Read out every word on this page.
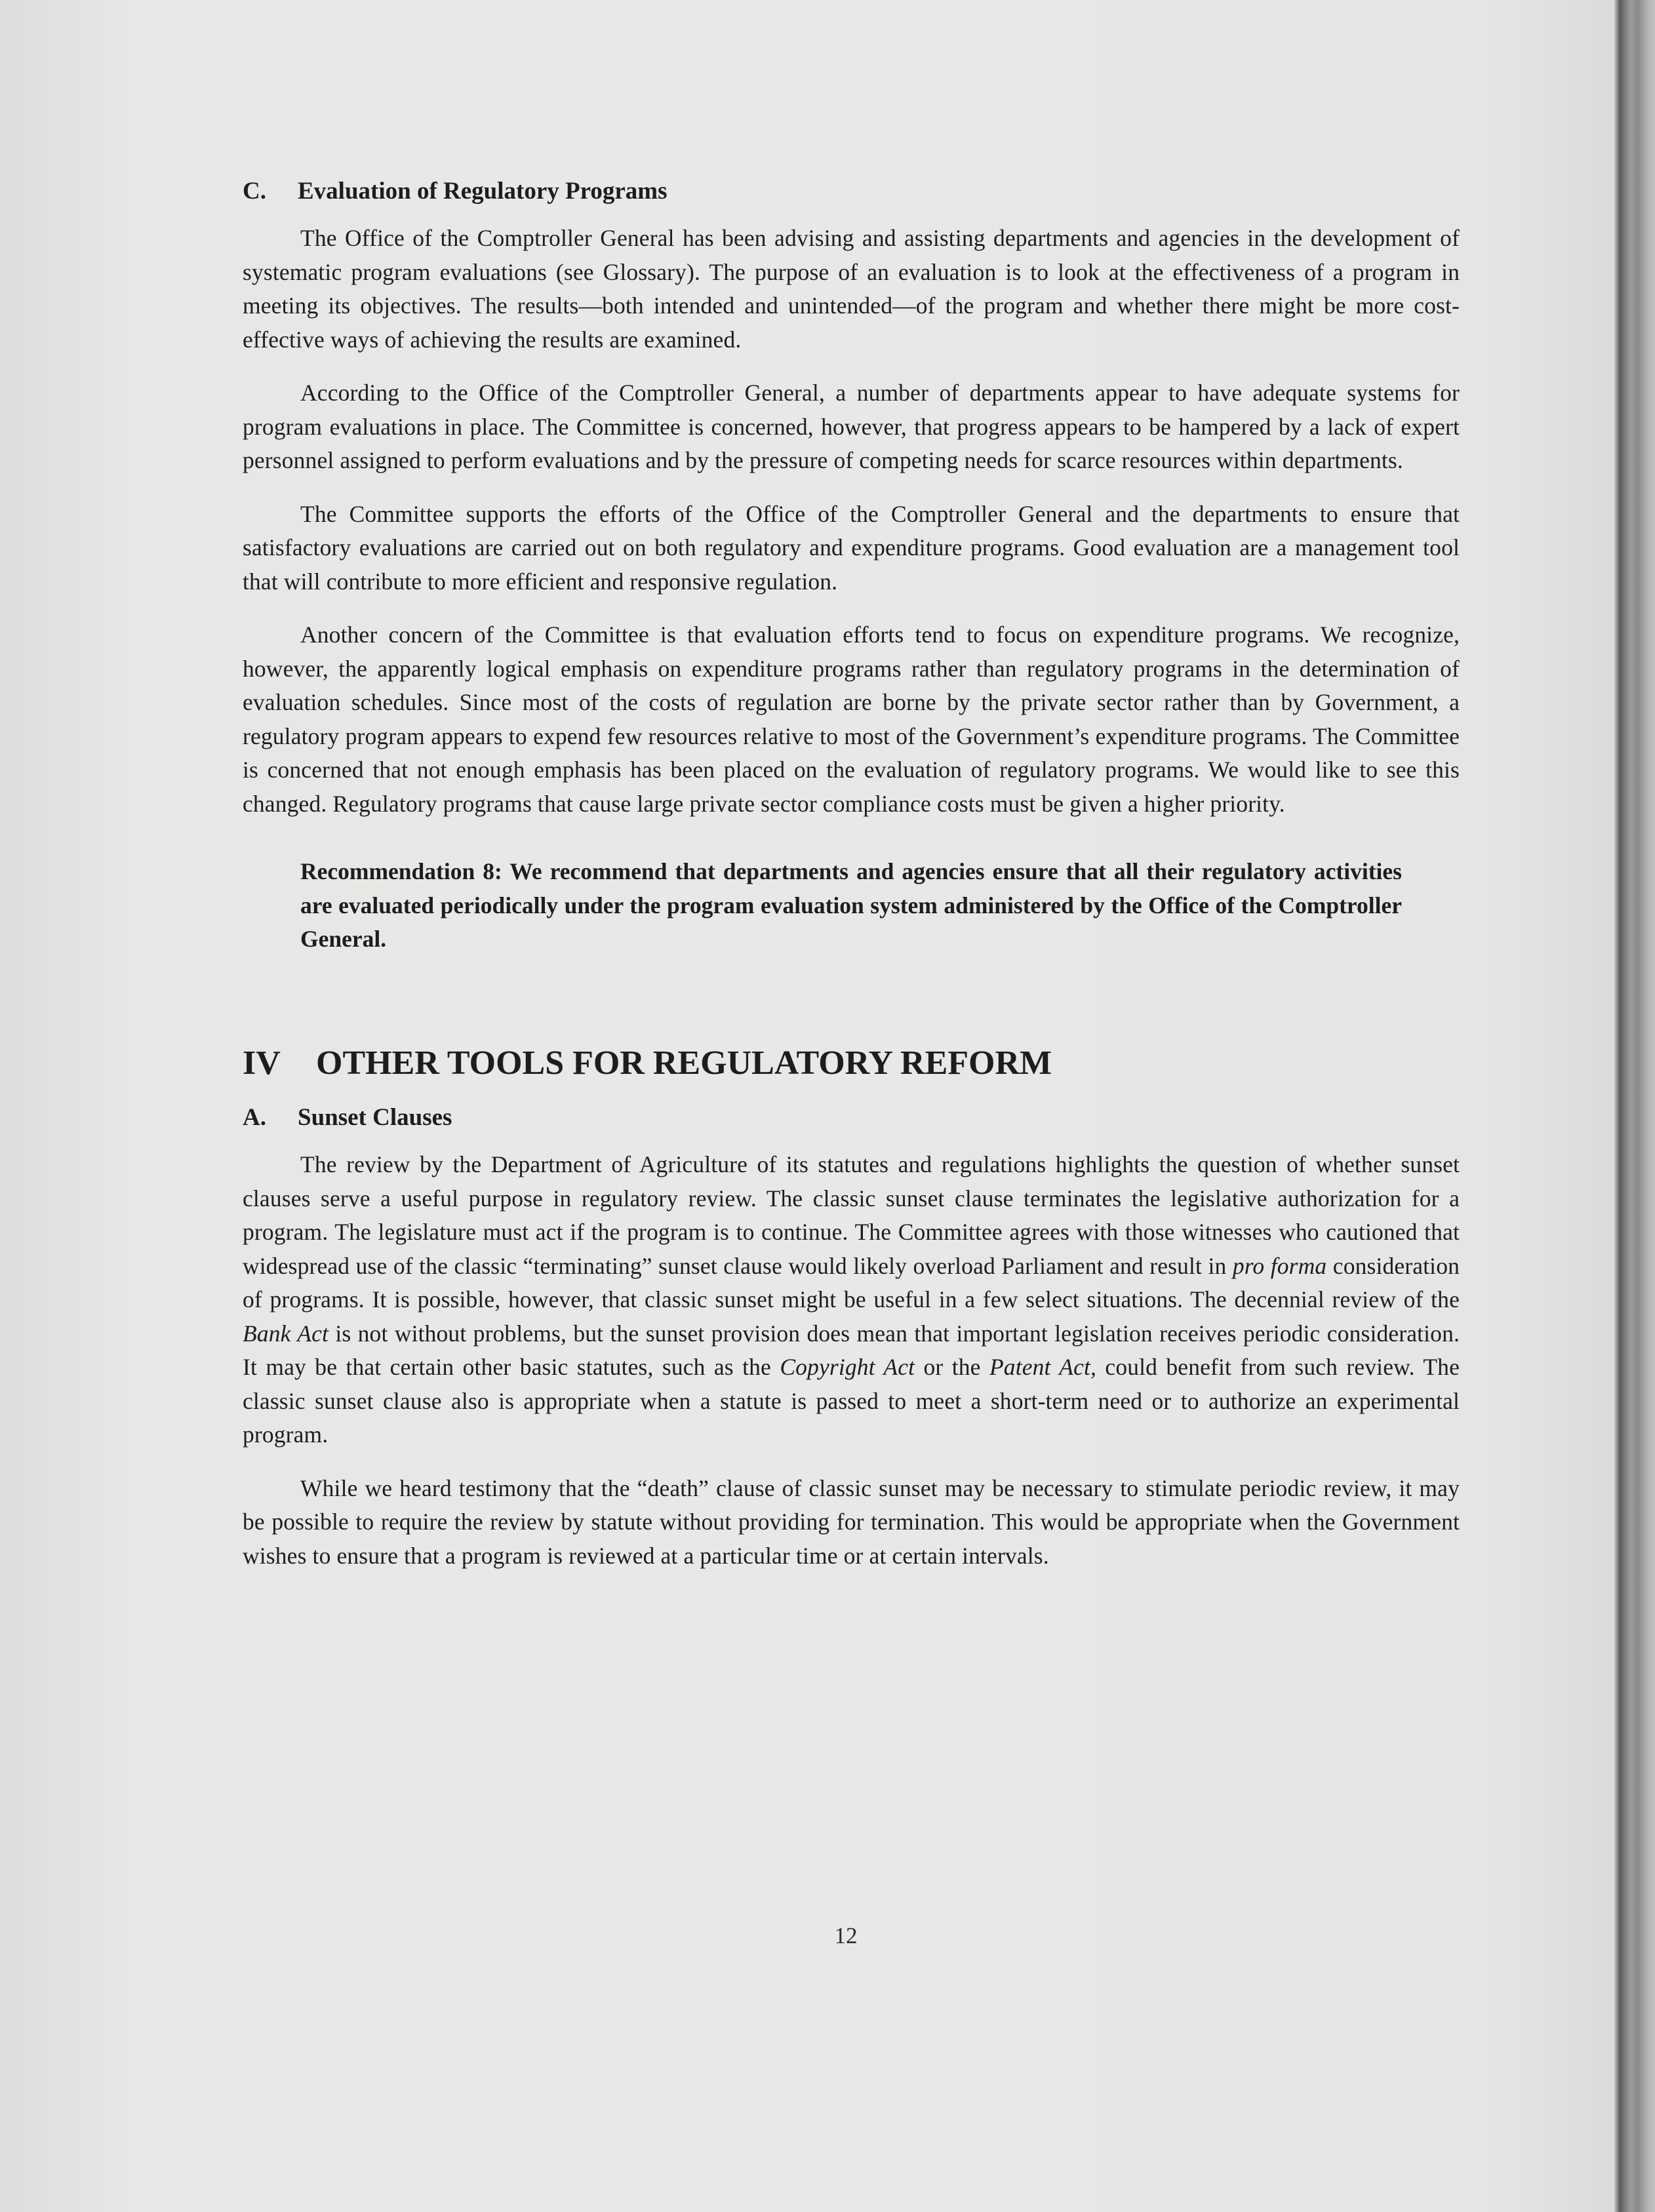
C. Evaluation of Regulatory Programs

The Office of the Comptroller General has been advising and assisting departments and agencies in the development of systematic program evaluations (see Glossary). The purpose of an evaluation is to look at the effectiveness of a program in meeting its objectives. The results—both intended and unintended—of the program and whether there might be more cost-effective ways of achieving the results are examined.

According to the Office of the Comptroller General, a number of departments appear to have adequate systems for program evaluations in place. The Committee is concerned, however, that progress appears to be hampered by a lack of expert personnel assigned to perform evaluations and by the pressure of competing needs for scarce resources within departments.

The Committee supports the efforts of the Office of the Comptroller General and the departments to ensure that satisfactory evaluations are carried out on both regulatory and expenditure programs. Good evaluation are a management tool that will contribute to more efficient and responsive regulation.

Another concern of the Committee is that evaluation efforts tend to focus on expenditure programs. We recognize, however, the apparently logical emphasis on expenditure programs rather than regulatory programs in the determination of evaluation schedules. Since most of the costs of regulation are borne by the private sector rather than by Government, a regulatory program appears to expend few resources relative to most of the Government’s expenditure programs. The Committee is concerned that not enough emphasis has been placed on the evaluation of regulatory programs. We would like to see this changed. Regulatory programs that cause large private sector compliance costs must be given a higher priority.

Recommendation 8: We recommend that departments and agencies ensure that all their regulatory activities are evaluated periodically under the program evaluation system administered by the Office of the Comptroller General.

IV OTHER TOOLS FOR REGULATORY REFORM
A. Sunset Clauses

The review by the Department of Agriculture of its statutes and regulations highlights the question of whether sunset clauses serve a useful purpose in regulatory review. The classic sunset clause terminates the legislative authorization for a program. The legislature must act if the program is to continue. The Committee agrees with those witnesses who cautioned that widespread use of the classic “terminating” sunset clause would likely overload Parliament and result in pro forma consideration of programs. It is possible, however, that classic sunset might be useful in a few select situations. The decennial review of the Bank Act is not without problems, but the sunset provision does mean that important legislation receives periodic consideration. It may be that certain other basic statutes, such as the Copyright Act or the Patent Act, could benefit from such review. The classic sunset clause also is appropriate when a statute is passed to meet a short-term need or to authorize an experimental program.

While we heard testimony that the “death” clause of classic sunset may be necessary to stimulate periodic review, it may be possible to require the review by statute without providing for termination. This would be appropriate when the Government wishes to ensure that a program is reviewed at a particular time or at certain intervals.

12
